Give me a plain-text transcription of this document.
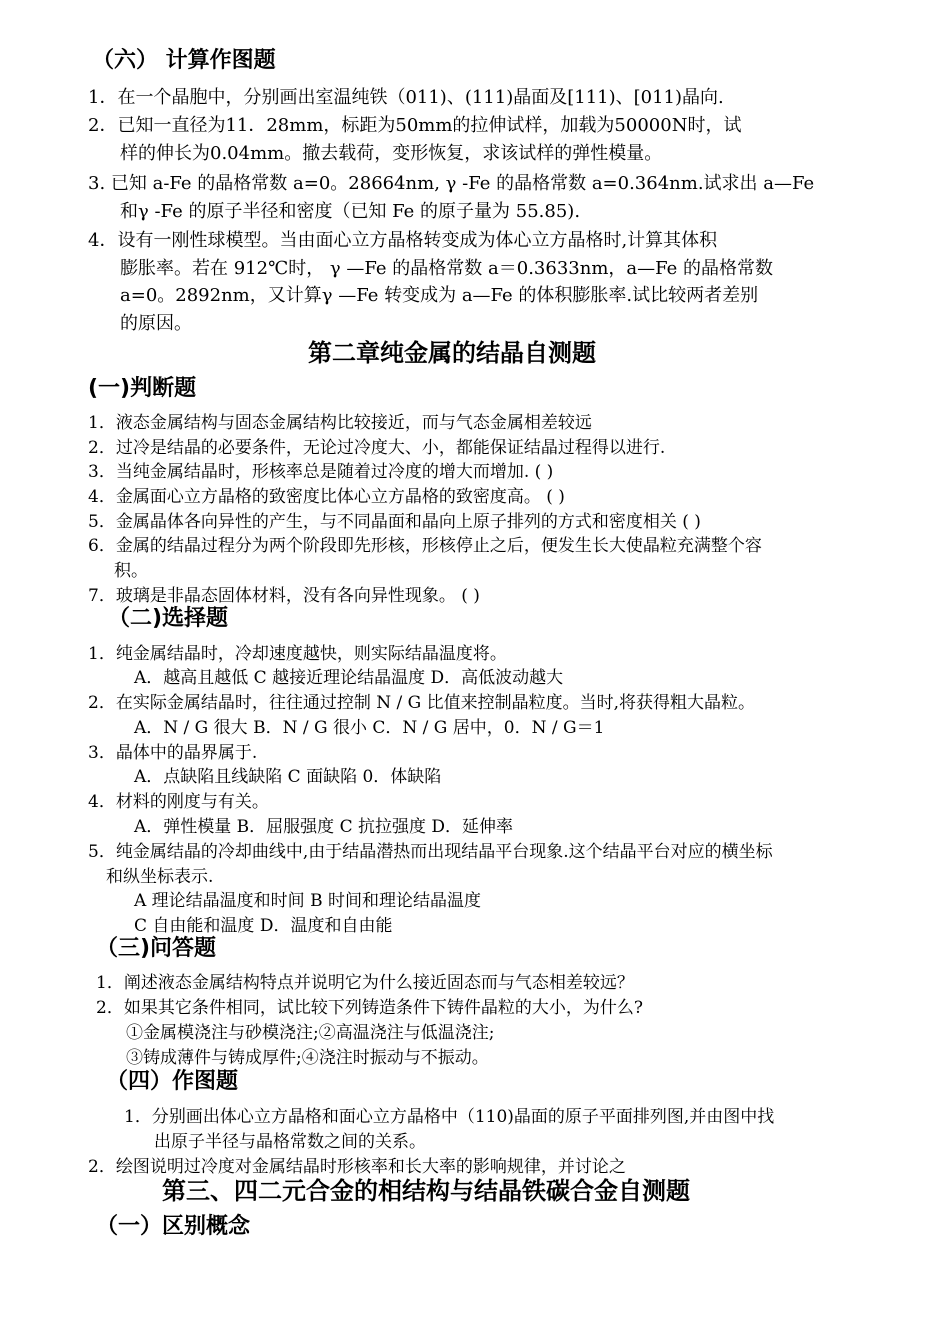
（六） 计算作图题
1．在一个晶胞中，分别画出室温纯铁（011)、(111)晶面及[111)、[011)晶向.
2．已知一直径为11．28mm，标距为50mm的拉伸试样，加载为50000N时，试
样的伸长为0.04mm。撤去载荷，变形恢复，求该试样的弹性模量。
3. 已知 a-Fe 的晶格常数 a=0。28664nm, γ -Fe 的晶格常数 a=0.364nm.试求出 a—Fe
和γ -Fe 的原子半径和密度（已知 Fe 的原子量为 55.85).
4．设有一刚性球模型。当由面心立方晶格转变成为体心立方晶格时,计算其体积
膨胀率。若在 912℃时， γ —Fe 的晶格常数 a＝0.3633nm，a—Fe 的晶格常数
a=0。2892nm，又计算γ —Fe 转变成为 a—Fe 的体积膨胀率.试比较两者差别
的原因。
第二章纯金属的结晶自测题
(一)判断题
1．液态金属结构与固态金属结构比较接近，而与气态金属相差较远
2．过冷是结晶的必要条件，无论过冷度大、小，都能保证结晶过程得以进行.
3．当纯金属结晶时，形核率总是随着过冷度的增大而增加. ( )
4．金属面心立方晶格的致密度比体心立方晶格的致密度高。 ( )
5．金属晶体各向异性的产生，与不同晶面和晶向上原子排列的方式和密度相关 ( )
6．金属的结晶过程分为两个阶段即先形核，形核停止之后，便发生长大使晶粒充满整个容
积。
7．玻璃是非晶态固体材料，没有各向异性现象。 ( )
（二)选择题
1．纯金属结晶时，冷却速度越快，则实际结晶温度将。
A．越高且越低 C 越接近理论结晶温度 D．高低波动越大
2．在实际金属结晶时，往往通过控制 N / G 比值来控制晶粒度。当时,将获得粗大晶粒。
A．N / G 很大 B．N / G 很小 C．N / G 居中，0．N / G＝1
3．晶体中的晶界属于.
A．点缺陷且线缺陷 C 面缺陷 0．体缺陷
4．材料的刚度与有关。
A．弹性模量 B．屈服强度 C 抗拉强度 D．延伸率
5．纯金属结晶的冷却曲线中,由于结晶潜热而出现结晶平台现象.这个结晶平台对应的横坐标
和纵坐标表示.
A 理论结晶温度和时间 B 时间和理论结晶温度
C 自由能和温度 D．温度和自由能
（三)问答题
1．阐述液态金属结构特点并说明它为什么接近固态而与气态相差较远？
2．如果其它条件相同，试比较下列铸造条件下铸件晶粒的大小，为什么?
①金属模浇注与砂模浇注;②高温浇注与低温浇注;
③铸成薄件与铸成厚件;④浇注时振动与不振动。
（四）作图题
1．分别画出体心立方晶格和面心立方晶格中（110)晶面的原子平面排列图,并由图中找
出原子半径与晶格常数之间的关系。
2．绘图说明过冷度对金属结晶时形核率和长大率的影响规律，并讨论之
第三、四二元合金的相结构与结晶铁碳合金自测题
（一）区别概念
